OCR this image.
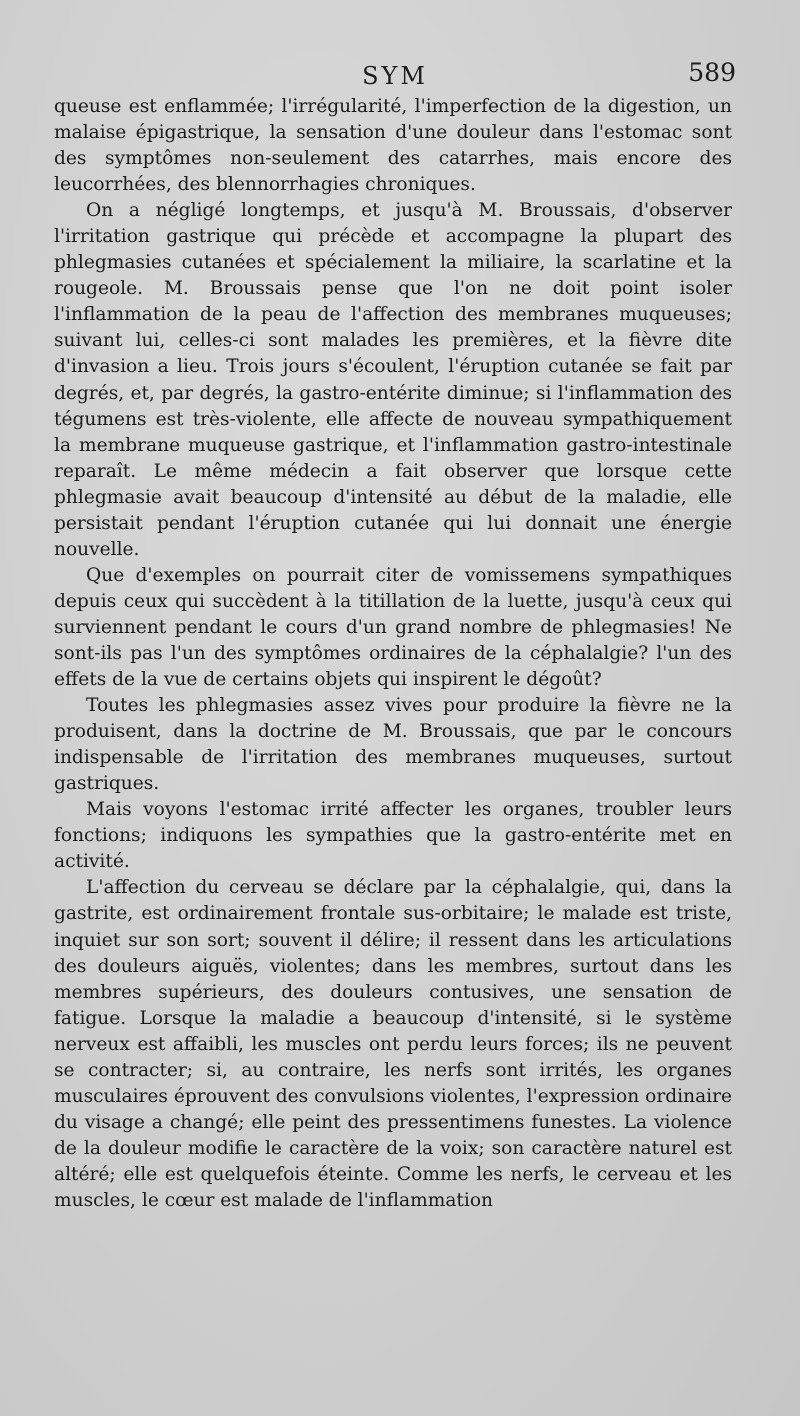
SYM	589

queuse est enflammée; l'irrégularité, l'imperfection de la digestion, un malaise épigastrique, la sensation d'une douleur dans l'estomac sont des symptômes non-seulement des catarrhes, mais encore des leucorrhées, des blennorrhagies chroniques.

On a négligé longtemps, et jusqu'à M. Broussais, d'observer l'irritation gastrique qui précède et accompagne la plupart des phlegmasies cutanées et spécialement la miliaire, la scarlatine et la rougeole. M. Broussais pense que l'on ne doit point isoler l'inflammation de la peau de l'affection des membranes muqueuses; suivant lui, celles-ci sont malades les premières, et la fièvre dite d'invasion a lieu. Trois jours s'écoulent, l'éruption cutanée se fait par degrés, et, par degrés, la gastro-entérite diminue; si l'inflammation des tégumens est très-violente, elle affecte de nouveau sympathiquement la membrane muqueuse gastrique, et l'inflammation gastro-intestinale reparaît. Le même médecin a fait observer que lorsque cette phlegmasie avait beaucoup d'intensité au début de la maladie, elle persistait pendant l'éruption cutanée qui lui donnait une énergie nouvelle.

Que d'exemples on pourrait citer de vomissemens sympathiques depuis ceux qui succèdent à la titillation de la luette, jusqu'à ceux qui surviennent pendant le cours d'un grand nombre de phlegmasies! Ne sont-ils pas l'un des symptômes ordinaires de la céphalalgie? l'un des effets de la vue de certains objets qui inspirent le dégoût?

Toutes les phlegmasies assez vives pour produire la fièvre ne la produisent, dans la doctrine de M. Broussais, que par le concours indispensable de l'irritation des membranes muqueuses, surtout gastriques.

Mais voyons l'estomac irrité affecter les organes, troubler leurs fonctions; indiquons les sympathies que la gastro-entérite met en activité.

L'affection du cerveau se déclare par la céphalalgie, qui, dans la gastrite, est ordinairement frontale sus-orbitaire; le malade est triste, inquiet sur son sort; souvent il délire; il ressent dans les articulations des douleurs aiguës, violentes; dans les membres, surtout dans les membres supérieurs, des douleurs contusives, une sensation de fatigue. Lorsque la maladie a beaucoup d'intensité, si le système nerveux est affaibli, les muscles ont perdu leurs forces; ils ne peuvent se contracter; si, au contraire, les nerfs sont irrités, les organes musculaires éprouvent des convulsions violentes, l'expression ordinaire du visage a changé; elle peint des pressentimens funestes. La violence de la douleur modifie le caractère de la voix; son caractère naturel est altéré; elle est quelquefois éteinte. Comme les nerfs, le cerveau et les muscles, le cœur est malade de l'inflammation
